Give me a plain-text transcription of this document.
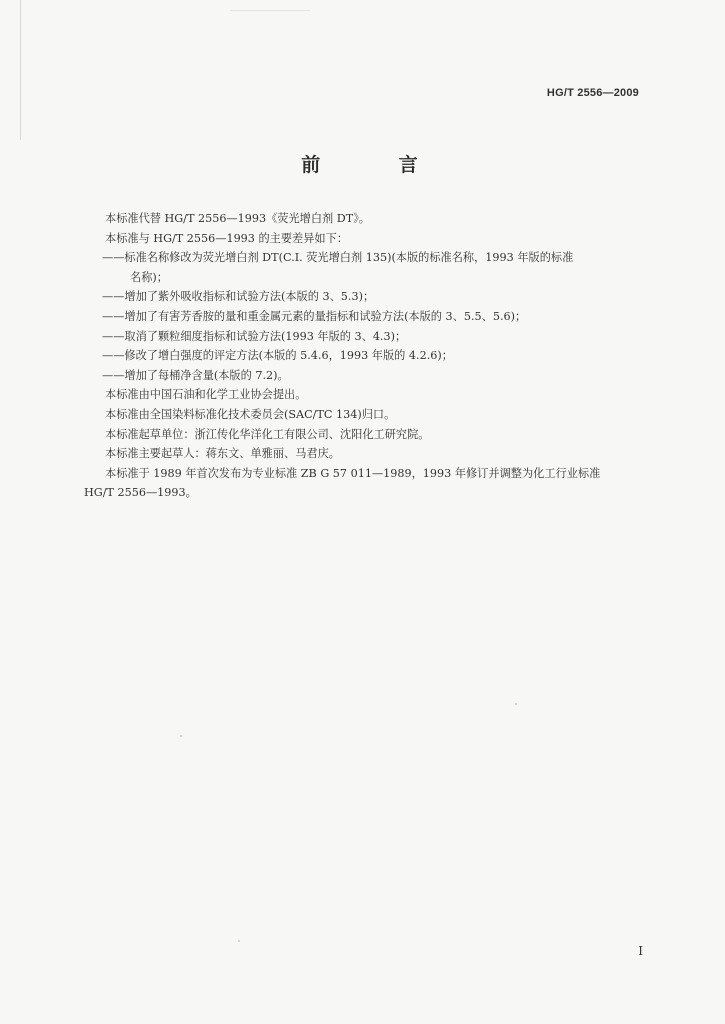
HG/T 2556—2009
前 言
本标准代替 HG/T 2556—1993《荧光增白剂 DT》。
本标准与 HG/T 2556—1993 的主要差异如下：
——标准名称修改为荧光增白剂 DT(C.I. 荧光增白剂 135)(本版的标准名称，1993 年版的标准
名称)；
——增加了紫外吸收指标和试验方法(本版的 3、5.3)；
——增加了有害芳香胺的量和重金属元素的量指标和试验方法(本版的 3、5.5、5.6)；
——取消了颗粒细度指标和试验方法(1993 年版的 3、4.3)；
——修改了增白强度的评定方法(本版的 5.4.6，1993 年版的 4.2.6)；
——增加了每桶净含量(本版的 7.2)。
本标准由中国石油和化学工业协会提出。
本标准由全国染料标准化技术委员会(SAC/TC 134)归口。
本标准起草单位：浙江传化华洋化工有限公司、沈阳化工研究院。
本标准主要起草人：蒋东文、单雅丽、马君庆。
本标准于 1989 年首次发布为专业标准 ZB G 57 011—1989，1993 年修订并调整为化工行业标准
HG/T 2556—1993。
I
